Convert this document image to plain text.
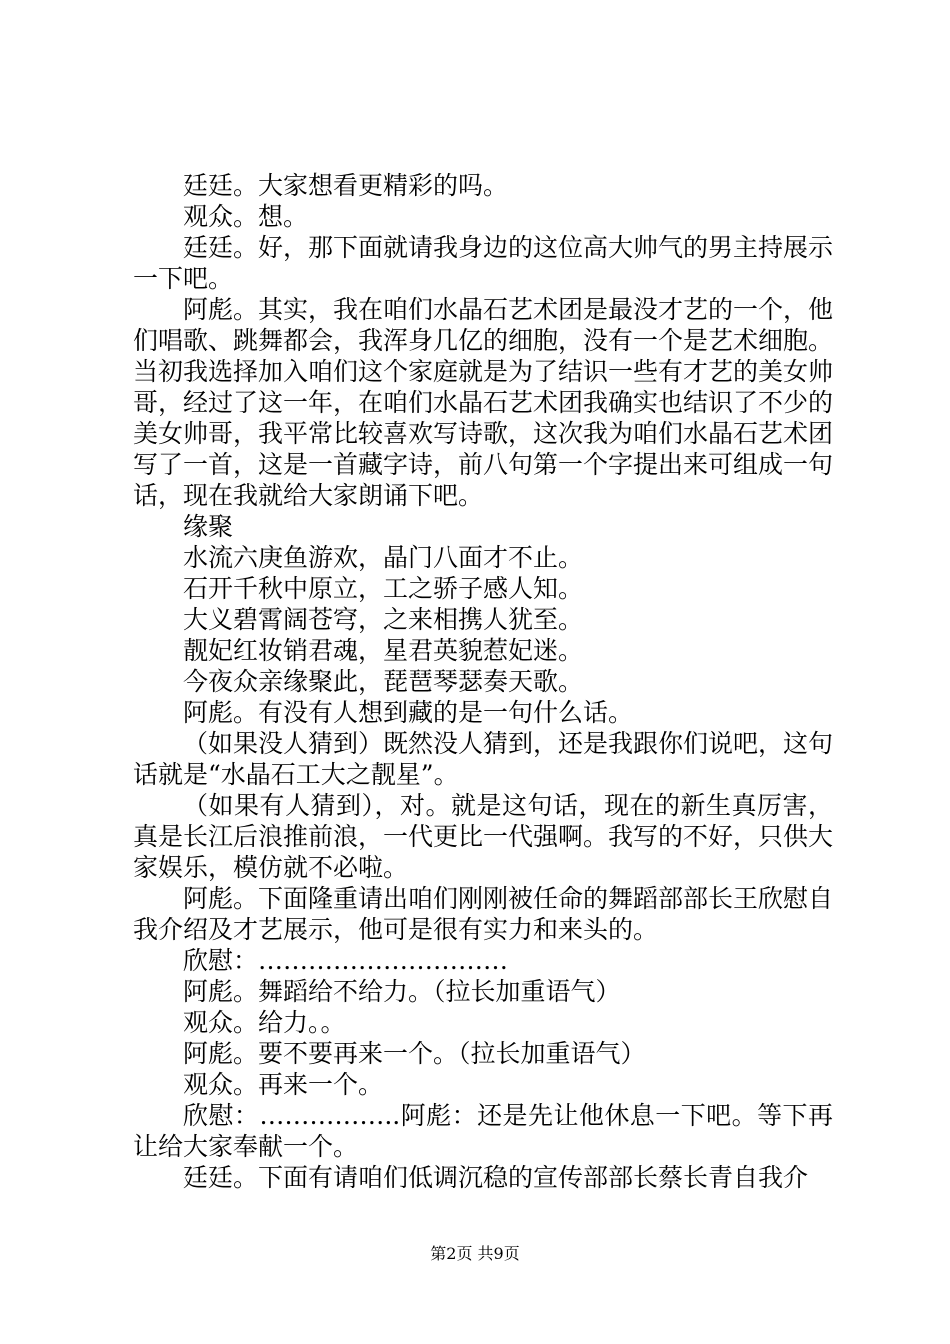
廷廷。大家想看更精彩的吗。

观众。想。

廷廷。好，那下面就请我身边的这位高大帅气的男主持展示一下吧。

阿彪。其实，我在咱们水晶石艺术团是最没才艺的一个，他们唱歌、跳舞都会，我浑身几亿的细胞，没有一个是艺术细胞。当初我选择加入咱们这个家庭就是为了结识一些有才艺的美女帅哥，经过了这一年，在咱们水晶石艺术团我确实也结识了不少的美女帅哥，我平常比较喜欢写诗歌，这次我为咱们水晶石艺术团写了一首，这是一首藏字诗，前八句第一个字提出来可组成一句话，现在我就给大家朗诵下吧。

缘聚

水流六庚鱼游欢，晶门八面才不止。

石开千秋中原立，工之骄子感人知。

大义碧霄阔苍穹，之来相携人犹至。

靓妃红妆销君魂，星君英貌惹妃迷。

今夜众亲缘聚此，琵琶琴瑟奏天歌。

阿彪。有没有人想到藏的是一句什么话。

（如果没人猜到）既然没人猜到，还是我跟你们说吧，这句话就是“水晶石工大之靓星”。

（如果有人猜到），对。就是这句话，现在的新生真厉害，真是长江后浪推前浪，一代更比一代强啊。我写的不好，只供大家娱乐，模仿就不必啦。

阿彪。下面隆重请出咱们刚刚被任命的舞蹈部部长王欣慰自我介绍及才艺展示，他可是很有实力和来头的。

欣慰：…………………………

阿彪。舞蹈给不给力。（拉长加重语气）

观众。给力。。

阿彪。要不要再来一个。（拉长加重语气）

观众。再来一个。

欣慰：……………..阿彪：还是先让他休息一下吧。等下再让给大家奉献一个。

廷廷。下面有请咱们低调沉稳的宣传部部长蔡长青自我介

第2页 共9页
